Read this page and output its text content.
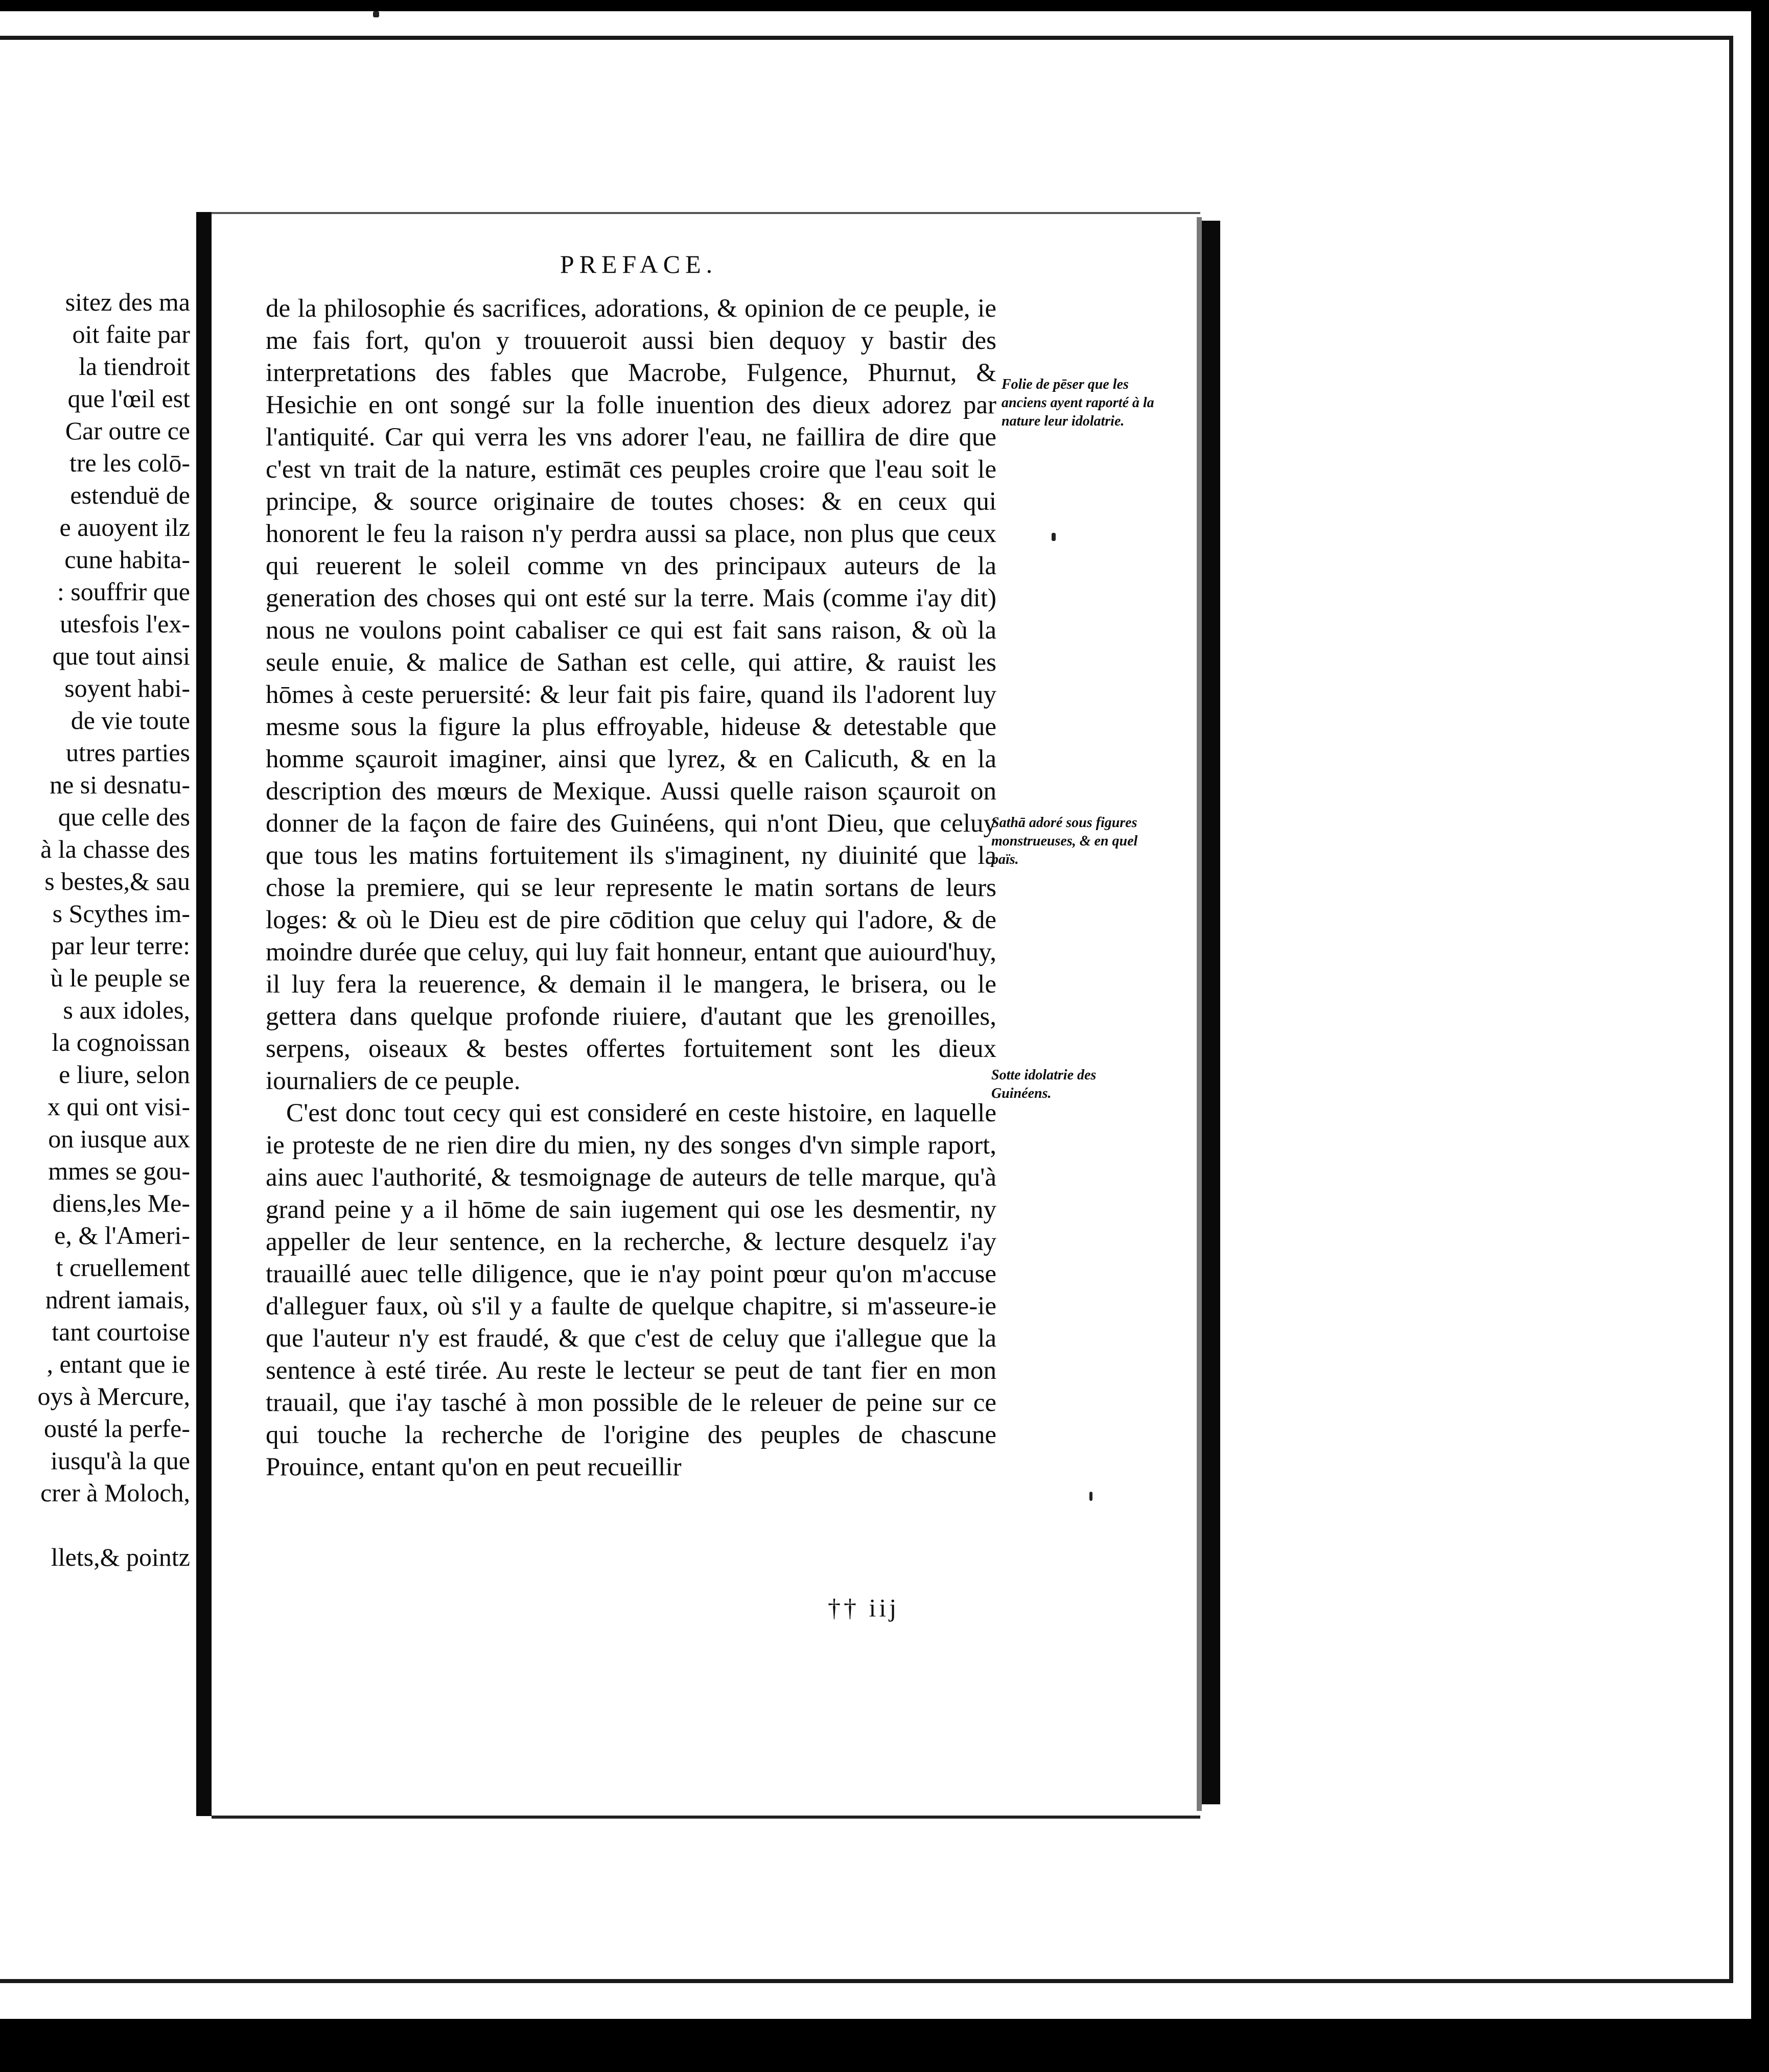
sitez des ma
oit faite par
la tiendroit
que l'œil est
Car outre ce
tre les colō-
estenduë de
e auoyent ilz
cune habita-
: souffrir que
utesfois l'ex-
que tout ainsi
soyent habi-
de vie toute
utres parties
ne si desnatu-
que celle des
à la chasse des
s bestes,& sau
s Scythes im-
par leur terre:
ù le peuple se
s aux idoles,
la cognoissan
e liure, selon
x qui ont visi-
on iusque aux
mmes se gou-
diens,les Me-
e, & l'Ameri-
t cruellement
ndrent iamais,
tant courtoise
, entant que ie
oys à Mercure,
ousté la perfe-
iusqu'à la que
crer à Moloch,
llets,& pointz
PREFACE.

de la philosophie és sacrifices, adorations, & opinion de ce peuple, ie me fais fort, qu'on y trouueroit aussi bien dequoy y bastir des interpretations des fables que Macrobe, Fulgence, Phurnut, & Hesichie en ont songé sur la folle inuention des dieux adorez par l'antiquité. Car qui verra les vns adorer l'eau, ne faillira de dire que c'est vn trait de la nature, estimāt ces peuples croire que l'eau soit le principe, & source originaire de toutes choses: & en ceux qui honorent le feu la raison n'y perdra aussi sa place, non plus que ceux qui reuerent le soleil comme vn des principaux auteurs de la generation des choses qui ont esté sur la terre. Mais (comme i'ay dit) nous ne voulons point cabaliser ce qui est fait sans raison, & où la seule enuie, & malice de Sathan est celle, qui attire, & rauist les hōmes à ceste peruersité: & leur fait pis faire, quand ils l'adorent luy mesme sous la figure la plus effroyable, hideuse & detestable que homme sçauroit imaginer, ainsi que lyrez, & en Calicuth, & en la description des mœurs de Mexique. Aussi quelle raison sçauroit on donner de la façon de faire des Guinéens, qui n'ont Dieu, que celuy que tous les matins fortuitement ils s'imaginent, ny diuinité que la chose la premiere, qui se leur represente le matin sortans de leurs loges: & où le Dieu est de pire cōdition que celuy qui l'adore, & de moindre durée que celuy, qui luy fait honneur, entant que auiourd'huy, il luy fera la reuerence, & demain il le mangera, le brisera, ou le gettera dans quelque profonde riuiere, d'autant que les grenoilles, serpens, oiseaux & bestes offertes fortuitement sont les dieux iournaliers de ce peuple.

C'est donc tout cecy qui est consideré en ceste histoire, en laquelle ie proteste de ne rien dire du mien, ny des songes d'vn simple raport, ains auec l'authorité, & tesmoignage de auteurs de telle marque, qu'à grand peine y a il hōme de sain iugement qui ose les desmentir, ny appeller de leur sentence, en la recherche, & lecture desquelz i'ay trauaillé auec telle diligence, que ie n'ay point pœur qu'on m'accuse d'alleguer faux, où s'il y a faulte de quelque chapitre, si m'asseure-ie que l'auteur n'y est fraudé, & que c'est de celuy que i'allegue que la sentence à esté tirée. Au reste le lecteur se peut de tant fier en mon trauail, que i'ay tasché à mon possible de le releuer de peine sur ce qui touche la recherche de l'origine des peuples de chascune Prouince, entant qu'on en peut recueillir

Folie de pēser que les anciens ayent raporté à la nature leur idolatrie.
Sathā adoré sous figures monstrueuses, & en quel païs.
Sotte idolatrie des Guinéens.
†† iij
